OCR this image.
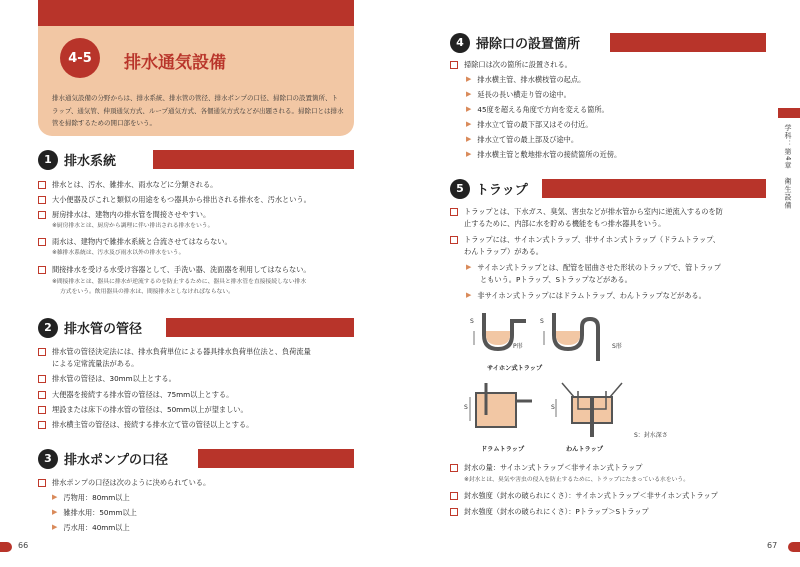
4-5	排水通気設備
排水通気設備の分野からは、排水系統、排水管の管径、排水ポンプの口径、掃除口の設置箇所、トラップ、通気管、伸頂通気方式、ループ通気方式、各個通気方式などが出題される。掃除口とは排水管を掃除するための開口部をいう。
1 排水系統
排水とは、汚水、雑排水、雨水などに分類される。
大小便器及びこれと類似の用途をもつ器具から排出される排水を、汚水という。
厨房排水は、建物内の排水管を間接させやすい。
※厨房排水とは、厨房から調理に伴い排出される排水をいう。
雨水は、建物内で雑排水系統と合流させてはならない。
※雑排水系統は、汚水及び雨水以外の排水をいう。
間接排水を受ける水受け容器として、手洗い器、洗面器を利用してはならない。
※間接排水とは、器具に排水が逆流するのを防止するために、器具と排水管を直接接続しない排水
方式をいう。飲用器具の排水は、間接排水としなければならない。
2 排水管の管径
排水管の管径決定法には、排水負荷単位による器具排水負荷単位法と、負荷流量
による定常流量法がある。
排水管の管径は、30mm以上とする。
大便器を接続する排水管の管径は、75mm以上とする。
埋設または床下の排水管の管径は、50mm以上が望ましい。
排水横主管の管径は、接続する排水立て管の管径以上とする。
3 排水ポンプの口径
排水ポンプの口径は次のように決められている。
▶ 汚物用：80mm以上
▶ 雑排水用：50mm以上
▶ 汚水用：40mm以上
66
4 掃除口の設置箇所
掃除口は次の箇所に設置される。
▶ 排水横主管、排水横枝管の起点。
▶ 延長の長い横走り管の途中。
▶ 45度を超える角度で方向を変える箇所。
▶ 排水立て管の最下部又はその付近。
▶ 排水立て管の最上部及び途中。
▶ 排水横主管と敷地排水管の接続箇所の近傍。
5 トラップ
トラップとは、下水ガス、臭気、害虫などが排水管から室内に逆流入するのを防
止するために、内部に水を貯める機能をもつ排水器具をいう。
トラップには、サイホン式トラップ、非サイホン式トラップ（ドラムトラップ、
わんトラップ）がある。
▶ サイホン式トラップとは、配管を屈曲させた形状のトラップで、管トラップ
ともいう。Pトラップ、Sトラップなどがある。
▶ 非サイホン式トラップにはドラムトラップ、わんトラップなどがある。
S	S
P形	S形
サイホン式トラップ
S	S
ドラムトラップ	わんトラップ
S：封水深さ
封水の量：サイホン式トラップ＜非サイホン式トラップ
※封水とは、臭気や害虫の侵入を防止するために、トラップにたまっている水をいう。
封水強度（封水の破られにくさ）：サイホン式トラップ＜非サイホン式トラップ
封水強度（封水の破られにくさ）：Pトラップ＞Sトラップ
学科：第4章　衛生設備
67
